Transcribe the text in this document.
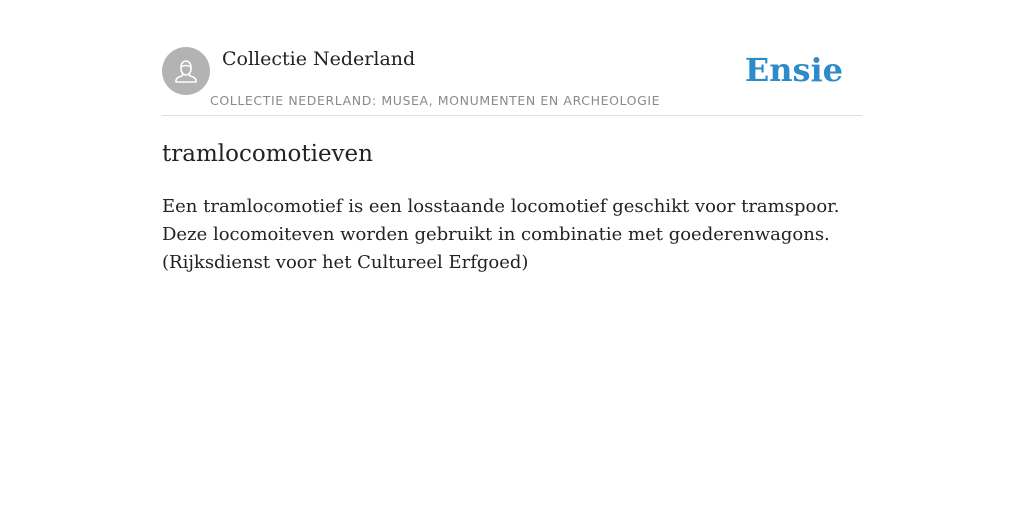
Collectie Nederland
COLLECTIE NEDERLAND: MUSEA, MONUMENTEN EN ARCHEOLOGIE
Ensie
tramlocomotieven

Een tramlocomotief is een losstaande locomotief geschikt voor tramspoor. Deze locomoiteven worden gebruikt in combinatie met goederenwagons. (Rijksdienst voor het Cultureel Erfgoed)
